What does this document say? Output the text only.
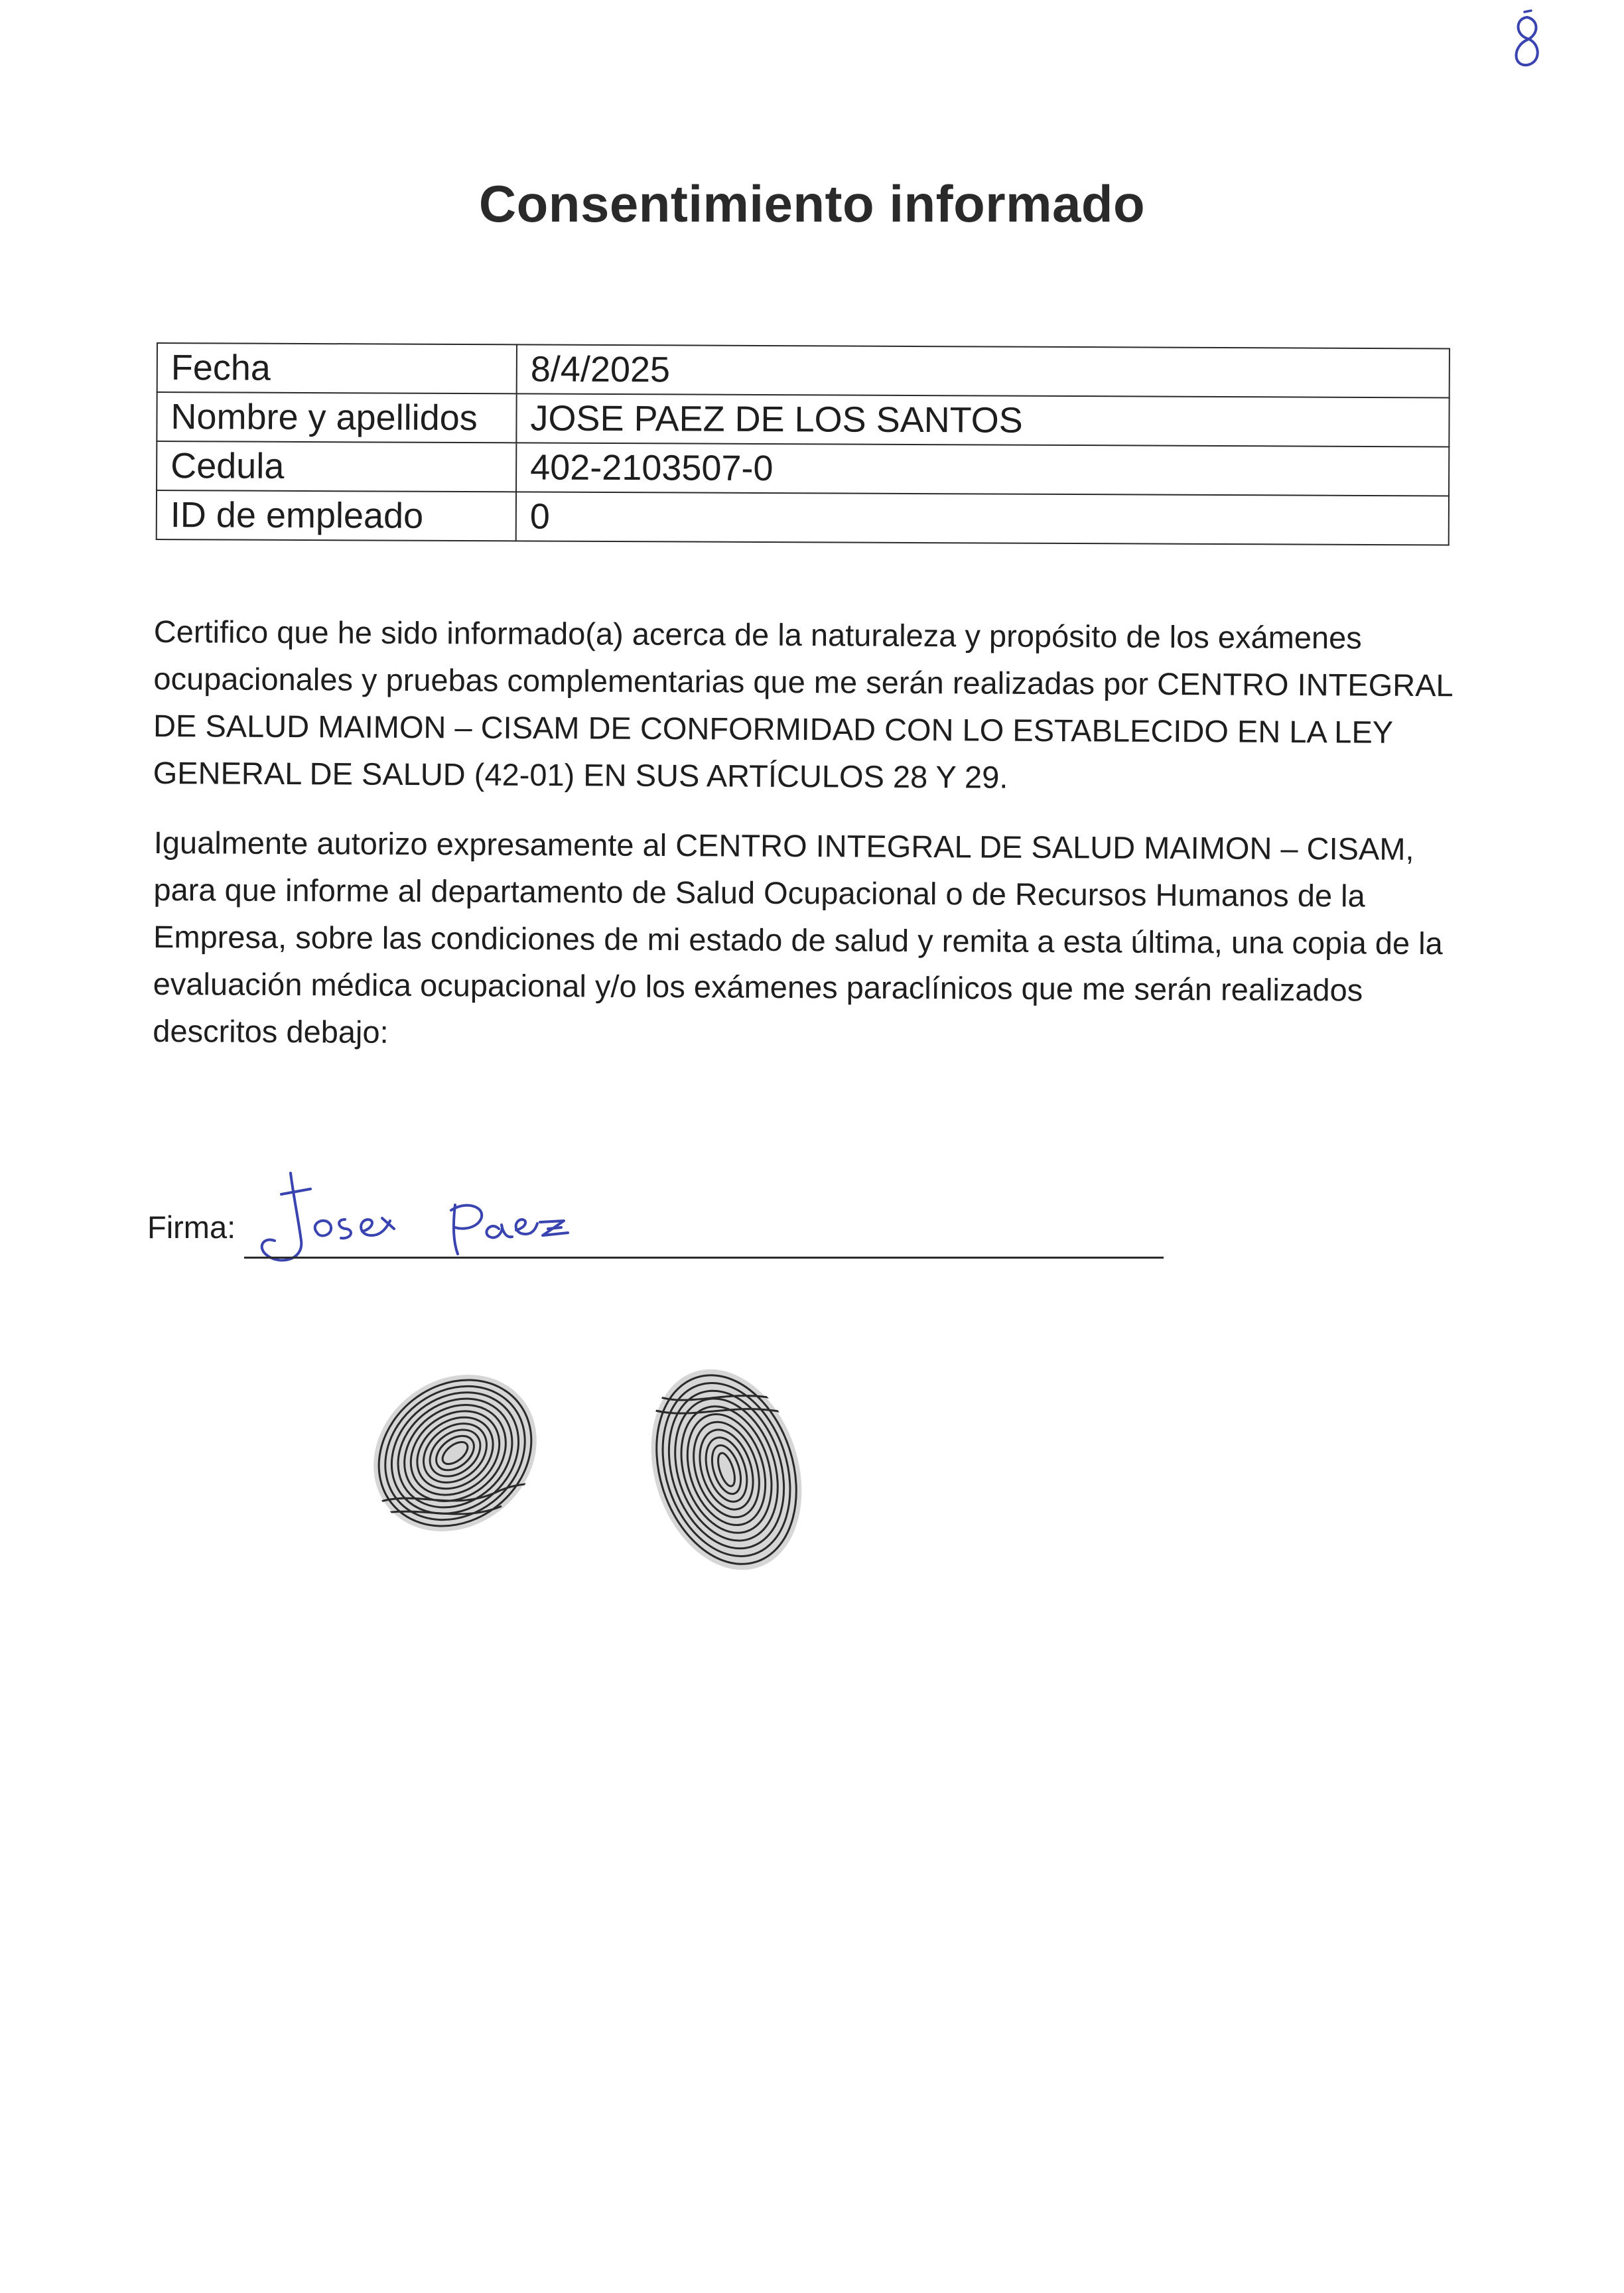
Consentimiento informado
Fecha	8/4/2025
Nombre y apellidos	JOSE PAEZ DE LOS SANTOS
Cedula	402-2103507-0
ID de empleado	0

Certifico que he sido informado(a) acerca de la naturaleza y propósito de los exámenes ocupacionales y pruebas complementarias que me serán realizadas por CENTRO INTEGRAL DE SALUD MAIMON – CISAM DE CONFORMIDAD CON LO ESTABLECIDO EN LA LEY GENERAL DE SALUD (42-01) EN SUS ARTÍCULOS 28 Y 29.

Igualmente autorizo expresamente al CENTRO INTEGRAL DE SALUD MAIMON – CISAM, para que informe al departamento de Salud Ocupacional o de Recursos Humanos de la Empresa, sobre las condiciones de mi estado de salud y remita a esta última, una copia de la evaluación médica ocupacional y/o los exámenes paraclínicos que me serán realizados descritos debajo:

Firma:
